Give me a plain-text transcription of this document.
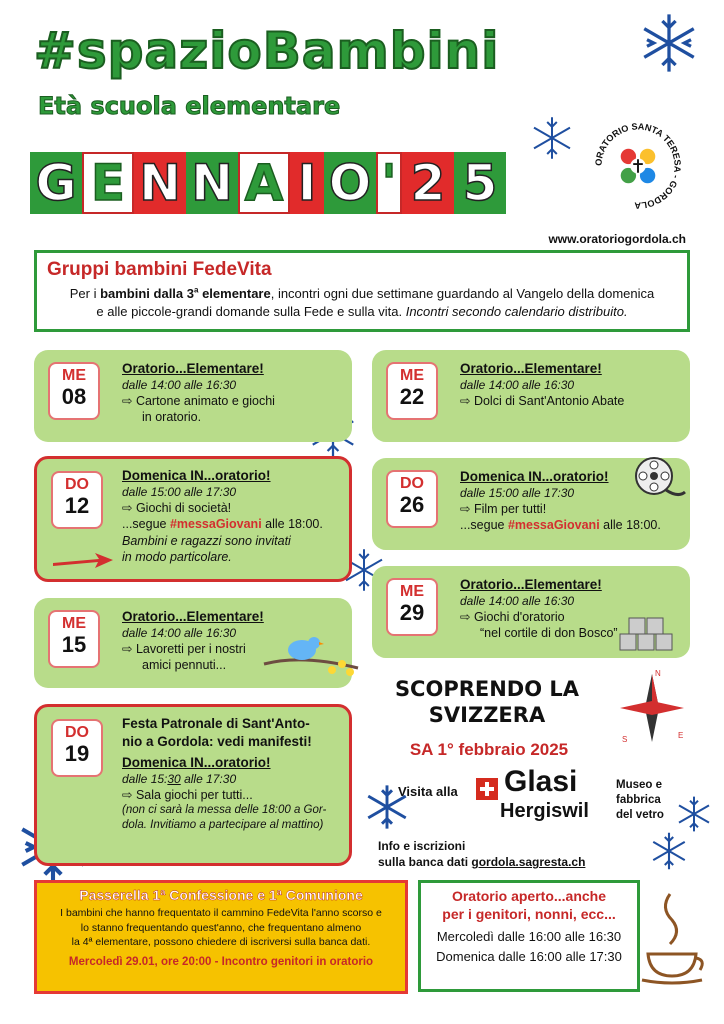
#spazioBambini
Età scuola elementare
G E N N A I O ' 2 5
www.oratoriogordola.ch
ORATORIO SANTA TERESA - GORDOLA
Gruppi bambini FedeVita
Per i bambini dalla 3$^a$ elementare, incontri ogni due settimane guardando al Vangelo della domenica
e alle piccole-grandi domande sulla Fede e sulla vita. Incontri secondo calendario distribuito.
ME
08
Oratorio...Elementare!
dalle 14:00 alle 16:30
⇨ Cartone animato e giochi
in oratorio.
ME
22
Oratorio...Elementare!
dalle 14:00 alle 16:30
⇨ Dolci di Sant'Antonio Abate
DO
12
Domenica IN...oratorio!
dalle 15:00 alle 17:30
⇨ Giochi di società!
...segue #messaGiovani alle 18:00.
Bambini e ragazzi sono invitati
in modo particolare.
DO
26
Domenica IN...oratorio!
dalle 15:00 alle 17:30
⇨ Film per tutti!
...segue #messaGiovani alle 18:00.
ME
29
Oratorio...Elementare!
dalle 14:00 alle 16:30
⇨ Giochi d'oratorio
“nel cortile di don Bosco”
ME
15
Oratorio...Elementare!
dalle 14:00 alle 16:30
⇨ Lavoretti per i nostri
amici pennuti...
DO
19
Festa Patronale di Sant'Anto-
nio a Gordola: vedi manifesti!
Domenica IN...oratorio!
dalle 15:30 alle 17:30
⇨ Sala giochi per tutti...
(non ci sarà la messa delle 18:00 a Gor-
dola. Invitiamo a partecipare al mattino)
N
S	E
SCOPRENDO LA
SVIZZERA
SA 1° febbraio 2025
Visita alla Glasi
Hergiswil
Museo e
fabbrica
del vetro
Info e iscrizioni
sulla banca dati gordola.sagresta.ch
Passerella 1ª Confessione e 1ª Comunione
I bambini che hanno frequentato il cammino FedeVita l'anno scorso e
lo stanno frequentando quest'anno, che frequentano almeno
la 4ª elementare, possono chiedere di iscriversi sulla banca dati.
Mercoledì 29.01, ore 20:00 - Incontro genitori in oratorio
Oratorio aperto...anche
per i genitori, nonni, ecc...
Mercoledì dalle 16:00 alle 16:30
Domenica dalle 16:00 alle 17:30
